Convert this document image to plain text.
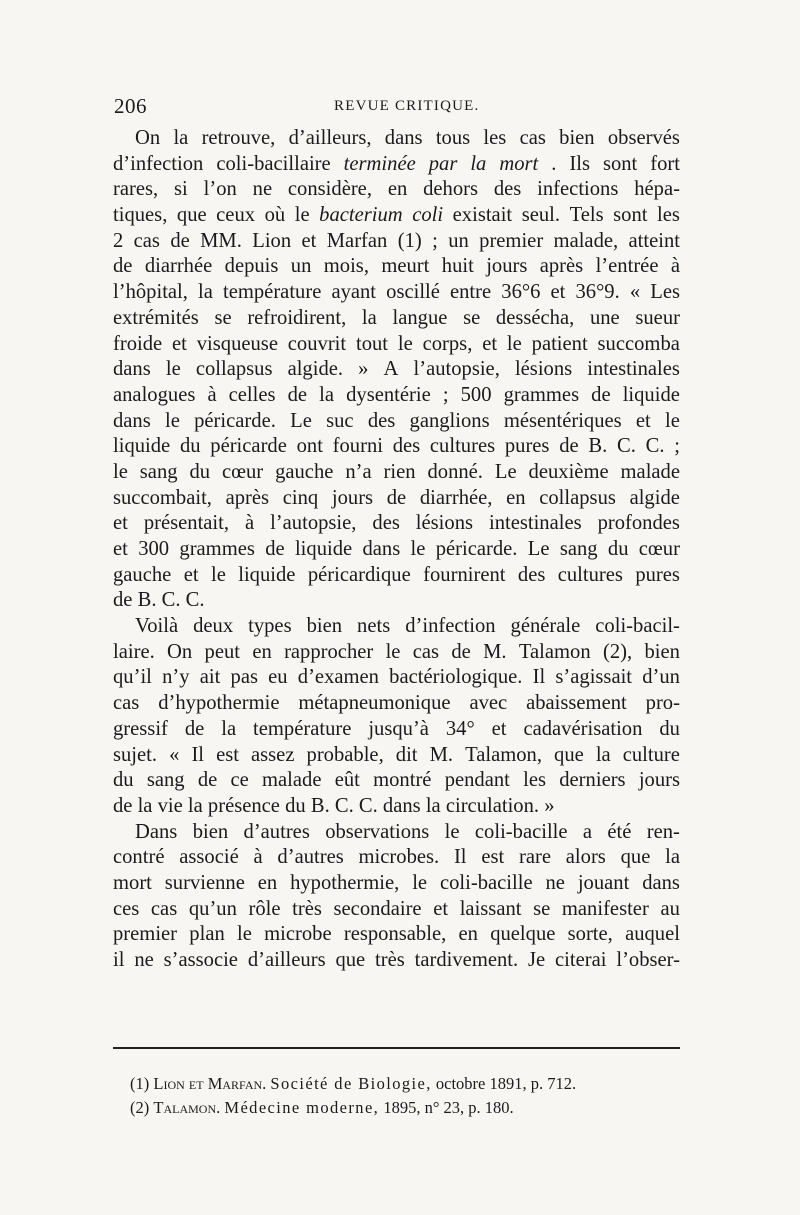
206	REVUE CRITIQUE.
On la retrouve, d’ailleurs, dans tous les cas bien observés
d’infection coli-bacillaire terminée par la mort . Ils sont fort
rares, si l’on ne considère, en dehors des infections hépa-
tiques, que ceux où le bacterium coli existait seul. Tels sont les
2 cas de MM. Lion et Marfan (1) ; un premier malade, atteint
de diarrhée depuis un mois, meurt huit jours après l’entrée à
l’hôpital, la température ayant oscillé entre 36°6 et 36°9. « Les
extrémités se refroidirent, la langue se dessécha, une sueur
froide et visqueuse couvrit tout le corps, et le patient succomba
dans le collapsus algide. » A l’autopsie, lésions intestinales
analogues à celles de la dysentérie ; 500 grammes de liquide
dans le péricarde. Le suc des ganglions mésentériques et le
liquide du péricarde ont fourni des cultures pures de B. C. C. ;
le sang du cœur gauche n’a rien donné. Le deuxième malade
succombait, après cinq jours de diarrhée, en collapsus algide
et présentait, à l’autopsie, des lésions intestinales profondes
et 300 grammes de liquide dans le péricarde. Le sang du cœur
gauche et le liquide péricardique fournirent des cultures pures
de B. C. C.
Voilà deux types bien nets d’infection générale coli-bacil-
laire. On peut en rapprocher le cas de M. Talamon (2), bien
qu’il n’y ait pas eu d’examen bactériologique. Il s’agissait d’un
cas d’hypothermie métapneumonique avec abaissement pro-
gressif de la température jusqu’à 34° et cadavérisation du
sujet. « Il est assez probable, dit M. Talamon, que la culture
du sang de ce malade eût montré pendant les derniers jours
de la vie la présence du B. C. C. dans la circulation. »
Dans bien d’autres observations le coli-bacille a été ren-
contré associé à d’autres microbes. Il est rare alors que la
mort survienne en hypothermie, le coli-bacille ne jouant dans
ces cas qu’un rôle très secondaire et laissant se manifester au
premier plan le microbe responsable, en quelque sorte, auquel
il ne s’associe d’ailleurs que très tardivement. Je citerai l’obser-
(1) Lion et Marfan. Société de Biologie, octobre 1891, p. 712.
(2) Talamon. Médecine moderne, 1895, n° 23, p. 180.
